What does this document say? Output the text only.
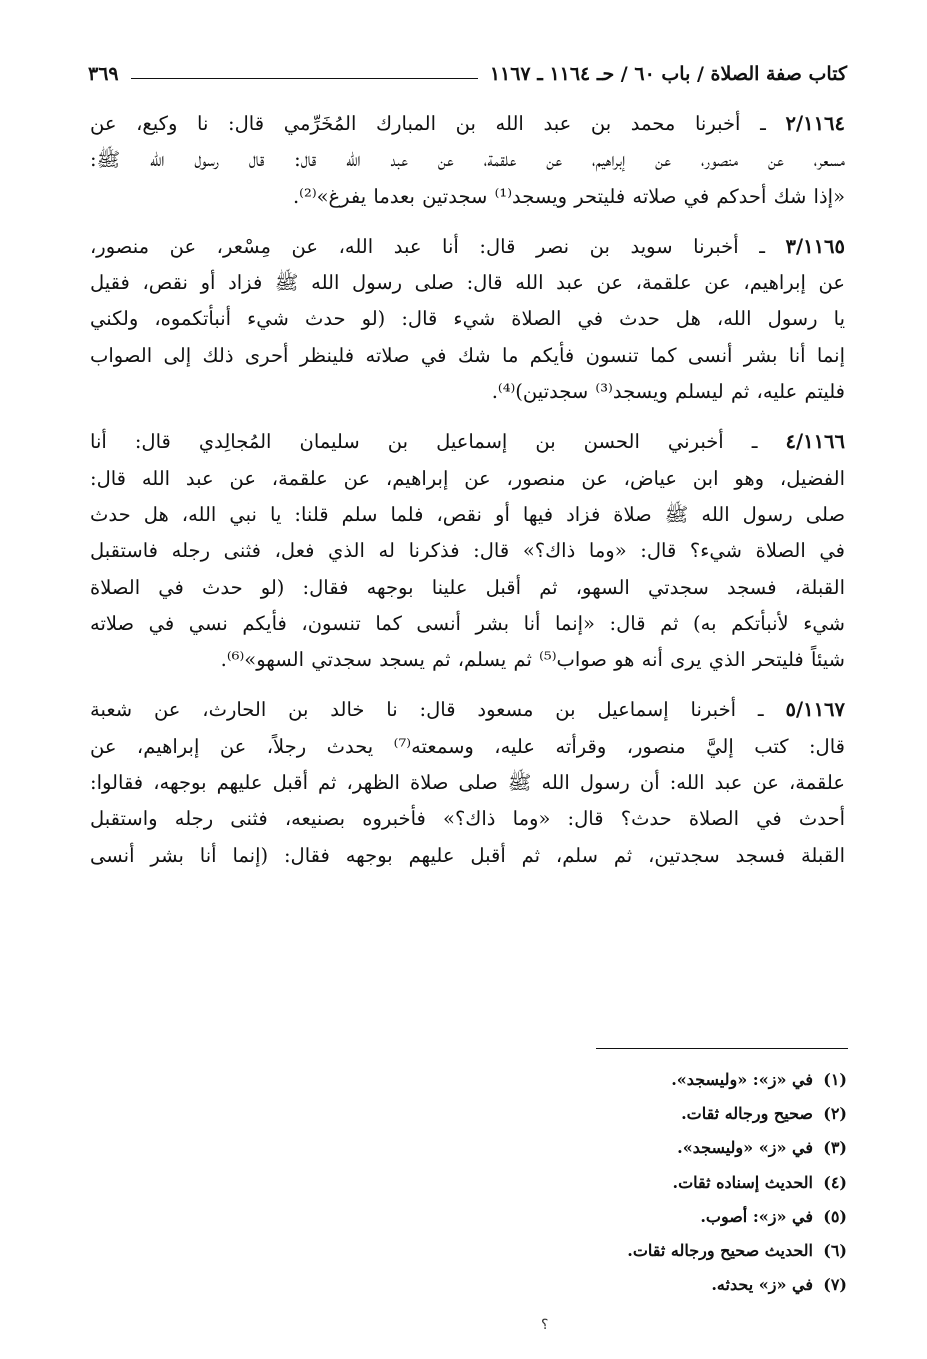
كتاب صفة الصلاة / باب ٦٠ / حـ ١١٦٤ ـ ١١٦٧
٣٦٩
٢/١١٦٤ ـ أخبرنا محمد بن عبد الله بن المبارك المُخَرِّمي قال: نا وكيع، عن
مسعر، عن منصور، عن إبراهيم، عن علقمة، عن عبد الله قال: قال رسول الله ﷺ:
«إذا شك أحدكم في صلاته فليتحر ويسجد⁽¹⁾ سجدتين بعدما يفرغ»⁽²⁾.
٣/١١٦٥ ـ أخبرنا سويد بن نصر قال: أنا عبد الله، عن مِسْعر، عن منصور،
عن إبراهيم، عن علقمة، عن عبد الله قال: صلى رسول الله ﷺ فزاد أو نقص، فقيل
يا رسول الله، هل حدث في الصلاة شيء قال: (لو حدث شيء أنبأتكموه، ولكني
إنما أنا بشر أنسى كما تنسون فأيكم ما شك في صلاته فلينظر أحرى ذلك إلى الصواب
فليتم عليه، ثم ليسلم ويسجد⁽³⁾ سجدتين)⁽⁴⁾.
٤/١١٦٦ ـ أخبرني الحسن بن إسماعيل بن سليمان المُجالِدي قال: أنا
الفضيل، وهو ابن عياض، عن منصور، عن إبراهيم، عن علقمة، عن عبد الله قال:
صلى رسول الله ﷺ صلاة فزاد فيها أو نقص، فلما سلم قلنا: يا نبي الله، هل حدث
في الصلاة شيء؟ قال: «وما ذاك؟» قال: فذكرنا له الذي فعل، فثنى رجله فاستقبل
القبلة، فسجد سجدتي السهو، ثم أقبل علينا بوجهه فقال: (لو حدث في الصلاة
شيء لأنبأتكم به) ثم قال: «إنما أنا بشر أنسى كما تنسون، فأيكم نسي في صلاته
شيئاً فليتحر الذي يرى أنه هو صواب⁽⁵⁾ ثم يسلم، ثم يسجد سجدتي السهو»⁽⁶⁾.
٥/١١٦٧ ـ أخبرنا إسماعيل بن مسعود قال: نا خالد بن الحارث، عن شعبة
قال: كتب إليَّ منصور، وقرأته عليه، وسمعته⁽⁷⁾ يحدث رجلاً، عن إبراهيم، عن
علقمة، عن عبد الله: أن رسول الله ﷺ صلى صلاة الظهر، ثم أقبل عليهم بوجهه، فقالوا:
أحدث في الصلاة حدث؟ قال: «وما ذاك؟» فأخبروه بصنيعه، فثنى رجله واستقبل
القبلة فسجد سجدتين، ثم سلم، ثم أقبل عليهم بوجهه فقال: (إنما أنا بشر أنسى
(١)في «ز»: «وليسجد».
(٢)صحيح ورجاله ثقات.
(٣)في «ز» «وليسجد».
(٤)الحديث إسناده ثقات.
(٥)في «ز»: أصوب.
(٦)الحديث صحيح ورجاله ثقات.
(٧)في «ز» يحدثه.
؟
